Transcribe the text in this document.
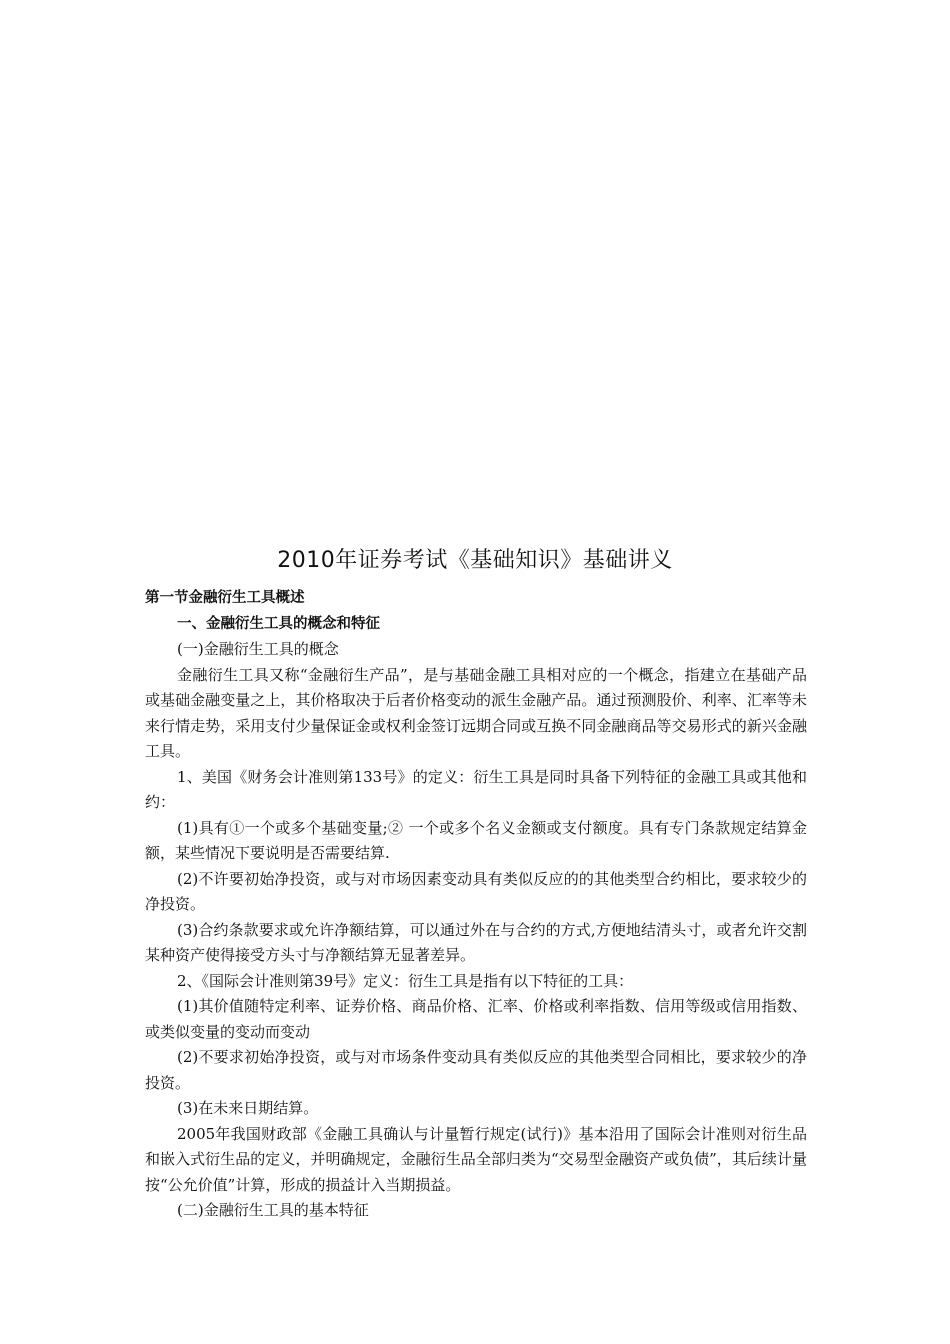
2010年证券考试《基础知识》基础讲义

第一节金融衍生工具概述

一、金融衍生工具的概念和特征

(一)金融衍生工具的概念

金融衍生工具又称“金融衍生产品”，是与基础金融工具相对应的一个概念，指建立在基础产品或基础金融变量之上，其价格取决于后者价格变动的派生金融产品。通过预测股价、利率、汇率等未来行情走势，采用支付少量保证金或权利金签订远期合同或互换不同金融商品等交易形式的新兴金融工具。

1、美国《财务会计准则第133号》的定义：衍生工具是同时具备下列特征的金融工具或其他和约：

(1)具有①一个或多个基础变量;② 一个或多个名义金额或支付额度。具有专门条款规定结算金额，某些情况下要说明是否需要结算.

(2)不许要初始净投资，或与对市场因素变动具有类似反应的的其他类型合约相比，要求较少的净投资。

(3)合约条款要求或允许净额结算，可以通过外在与合约的方式,方便地结清头寸，或者允许交割某种资产使得接受方头寸与净额结算无显著差异。

2、《国际会计准则第39号》定义：衍生工具是指有以下特征的工具：

(1)其价值随特定利率、证券价格、商品价格、汇率、价格或利率指数、信用等级或信用指数、或类似变量的变动而变动

(2)不要求初始净投资，或与对市场条件变动具有类似反应的其他类型合同相比，要求较少的净投资。

(3)在未来日期结算。

2005年我国财政部《金融工具确认与计量暂行规定(试行)》基本沿用了国际会计准则对衍生品和嵌入式衍生品的定义，并明确规定，金融衍生品全部归类为“交易型金融资产或负债”，其后续计量按“公允价值”计算，形成的损益计入当期损益。

(二)金融衍生工具的基本特征
